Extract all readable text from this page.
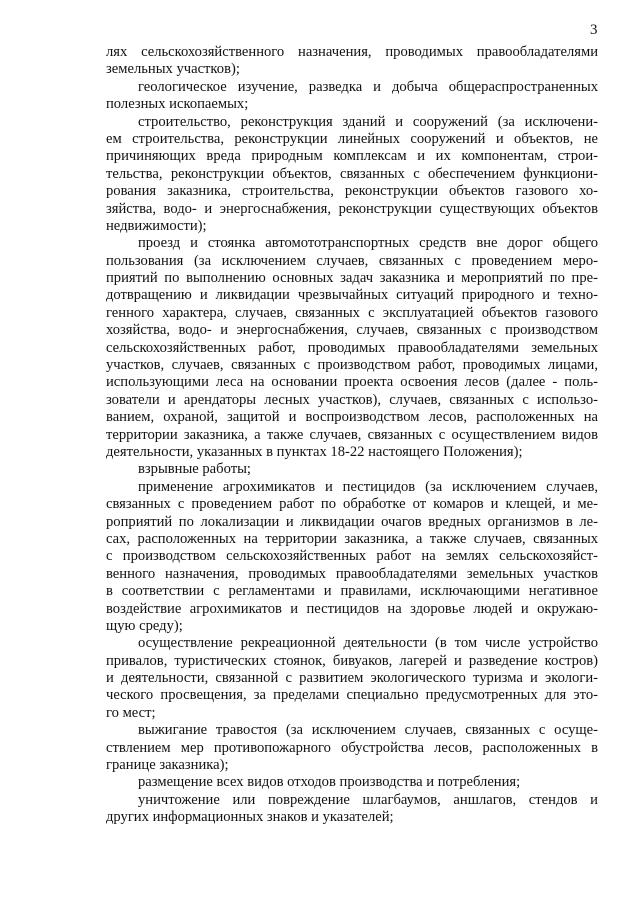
3
лях сельскохозяйственного назначения, проводимых правообладателями
земельных участков);
геологическое изучение, разведка и добыча общераспространенных
полезных ископаемых;
строительство, реконструкция зданий и сооружений (за исключени-
ем строительства, реконструкции линейных сооружений и объектов, не
причиняющих вреда природным комплексам и их компонентам, строи-
тельства, реконструкции объектов, связанных с обеспечением функциони-
рования заказника, строительства, реконструкции объектов газового хо-
зяйства, водо- и энергоснабжения, реконструкции существующих объектов
недвижимости);
проезд и стоянка автомототранспортных средств вне дорог общего
пользования (за исключением случаев, связанных с проведением меро-
приятий по выполнению основных задач заказника и мероприятий по пре-
дотвращению и ликвидации чрезвычайных ситуаций природного и техно-
генного характера, случаев, связанных с эксплуатацией объектов газового
хозяйства, водо- и энергоснабжения, случаев, связанных с производством
сельскохозяйственных работ, проводимых правообладателями земельных
участков, случаев, связанных с производством работ, проводимых лицами,
использующими леса на основании проекта освоения лесов (далее - поль-
зователи и арендаторы лесных участков), случаев, связанных с использо-
ванием, охраной, защитой и воспроизводством лесов, расположенных на
территории заказника, а также случаев, связанных с осуществлением видов
деятельности, указанных в пунктах 18-22 настоящего Положения);
взрывные работы;
применение агрохимикатов и пестицидов (за исключением случаев,
связанных с проведением работ по обработке от комаров и клещей, и ме-
роприятий по локализации и ликвидации очагов вредных организмов в ле-
сах, расположенных на территории заказника, а также случаев, связанных
с производством сельскохозяйственных работ на землях сельскохозяйст-
венного назначения, проводимых правообладателями земельных участков
в соответствии с регламентами и правилами, исключающими негативное
воздействие агрохимикатов и пестицидов на здоровье людей и окружаю-
щую среду);
осуществление рекреационной деятельности (в том числе устройство
привалов, туристических стоянок, бивуаков, лагерей и разведение костров)
и деятельности, связанной с развитием экологического туризма и экологи-
ческого просвещения, за пределами специально предусмотренных для это-
го мест;
выжигание травостоя (за исключением случаев, связанных с осуще-
ствлением мер противопожарного обустройства лесов, расположенных в
границе заказника);
размещение всех видов отходов производства и потребления;
уничтожение или повреждение шлагбаумов, аншлагов, стендов и
других информационных знаков и указателей;
